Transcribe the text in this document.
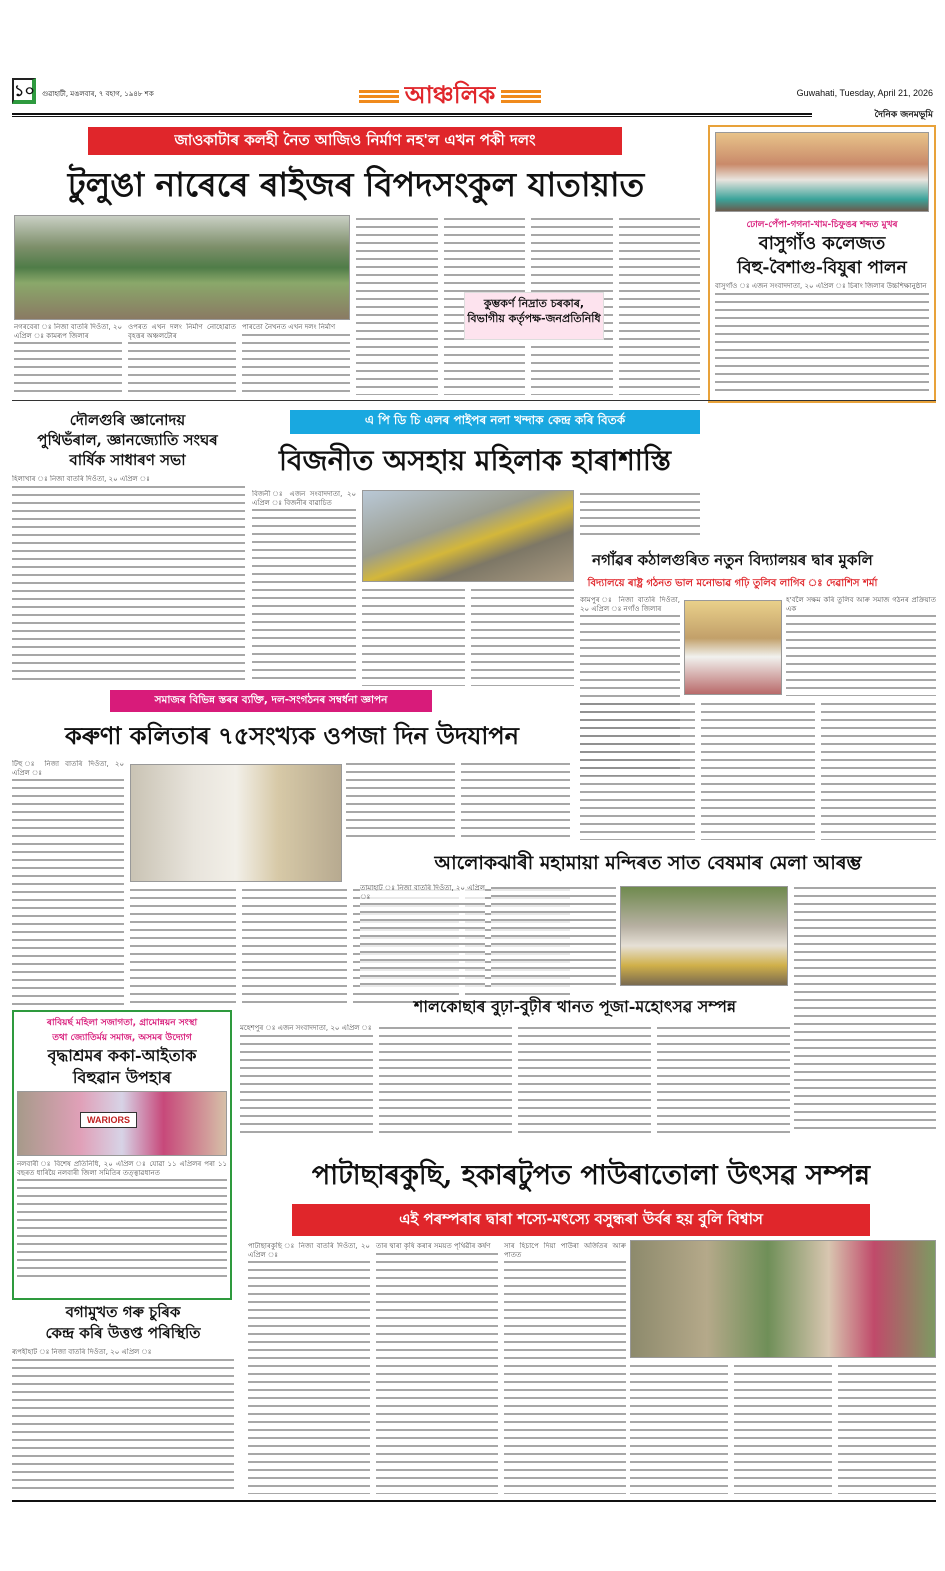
১০ গুৱাহাটী, মঙলবাৰ, ৭ বহাগ, ১৯৪৮ শক	আঞ্চলিক	Guwahati, Tuesday, April 21, 2026
দৈনিক জনমভূমি
জাওকাটাৰ কলহী নৈত আজিও নিৰ্মাণ নহ'ল এখন পকী দলং
টুলুঙা নাৰেৰে ৰাইজৰ বিপদসংকুল যাতায়াত

নগৰবেৰা ঃ নিজা বাতৰি দিওঁতা, ২০ এপ্ৰিল ঃ কামৰূপ জিলাৰ

ওপৰত এখন দলং নিৰ্মাণ নোহোৱাত বৃহত্তৰ অঞ্চলটোৰ

পাৰতো নৈখনত এখন দলং নিৰ্মাণ

কুম্ভকৰ্ণ নিদ্ৰাত চৰকাৰ, বিভাগীয় কৰ্তৃপক্ষ-জনপ্ৰতিনিধি
ঢোল-পেঁপা-গগনা-খাম-চিফুঙৰ শব্দত মুখৰ
বাসুগাঁও কলেজত
বিহু-বৈশাগু-বিযুৰা পালন

বাসুগাঁও ঃ এজন সংবাদদাতা, ২০ এপ্ৰিল ঃ চিৰাং জিলাৰ উচ্চশিক্ষানুষ্ঠান

দৌলগুৰি জ্ঞানোদয়
পুথিভঁৰাল, জ্ঞানজ্যোতি সংঘৰ
বাৰ্ষিক সাধাৰণ সভা

হিলাখাৰ ঃ নিজা বাতৰি দিওঁতা, ২০ এপ্ৰিল ঃ

এ পি ডি চি এলৰ পাইপৰ নলা খন্দাক কেন্দ্ৰ কৰি বিতৰ্ক
বিজনীত অসহায় মহিলাক হাৰাশাস্তি

বিজনী ঃ এজন সংবাদদাতা, ২০ এপ্ৰিল ঃ বিজনীৰ বাৱাচিত

নগাঁৱৰ কঠালগুৰিত নতুন বিদ্যালয়ৰ দ্বাৰ মুকলি
বিদ্যালয়ে ৰাষ্ট্ৰ গঠনত ভাল মনোভাৱ গঢ়ি তুলিব লাগিব ঃ দেৱাশিস শৰ্মা

কামপুৰ ঃ নিজা বাতৰি দিওঁতা, ২০ এপ্ৰিল ঃ নগাঁও জিলাৰ

হ'বলৈ সক্ষম কৰি তুলিব আৰু সমাজ গঠনৰ প্ৰক্ৰিয়াত এক

সমাজৰ বিভিন্ন স্তৰৰ ব্যক্তি, দল-সংগঠনৰ সম্বৰ্ধনা জ্ঞাপন
কৰুণা কলিতাৰ ৭৫সংখ্যক ওপজা দিন উদযাপন

টিহু ঃ নিজা বাতৰি দিওঁতা, ২০ এপ্ৰিল ঃ

আলোকঝাৰী মহামায়া মন্দিৰত সাত বেষমাৰ মেলা আৰম্ভ

তামাহাট ঃ নিজা বাতৰি দিওঁতা, ২০ এপ্ৰিল ঃ

শালকোছাৰ বুঢ়া-বুঢ়ীৰ থানত পূজা-মহোৎসৱ সম্পন্ন

মহেশপুৰ ঃ এজন সংবাদদাতা, ২০ এপ্ৰিল ঃ

ৰাবিয়ৰ্ছ মহিলা সজাগতা, গ্ৰামোন্নয়ন সংস্থা
তথা জ্যোতিৰ্ময় সমাজ, অসমৰ উদ্যোগ
বৃদ্ধাশ্ৰমৰ ককা-আইতাক
বিহুৱান উপহাৰ
WARIORS

নলবাৰী ঃ বিশেষ প্ৰতিনিধি, ২০ এপ্ৰিল ঃ যোৱা ১১ এপ্ৰিলৰ পৰা ১১ বছৰত ধাৰিয়ৈ নলবাৰী জিলা সমিতিৰ তত্ত্বাৱধানত

বগামুখত গৰু চুৰিক
কেন্দ্ৰ কৰি উত্তপ্ত পৰিস্থিতি

ৰূপহীহাট ঃ নিজা বাতৰি দিওঁতা, ২০ এপ্ৰিল ঃ

পাটাছাৰকুছি, হকাৰটুপত পাউৰাতোলা উৎসৱ সম্পন্ন
এই পৰম্পৰাৰ দ্বাৰা শস্যে-মৎস্যে বসুন্ধৰা উৰ্বৰ হয় বুলি বিশ্বাস

পাটাছাৰকুছি ঃ নিজা বাতৰি দিওঁতা, ২০ এপ্ৰিল ঃ

তাৰ দ্বাৰা কৃষি কৰাৰ সময়ত পৃথিৱীৰ কৰ্ষণ	সাৰ হিচাপে দিয়া পাউৰা অৰ্জিতৰ আৰু পাতত
